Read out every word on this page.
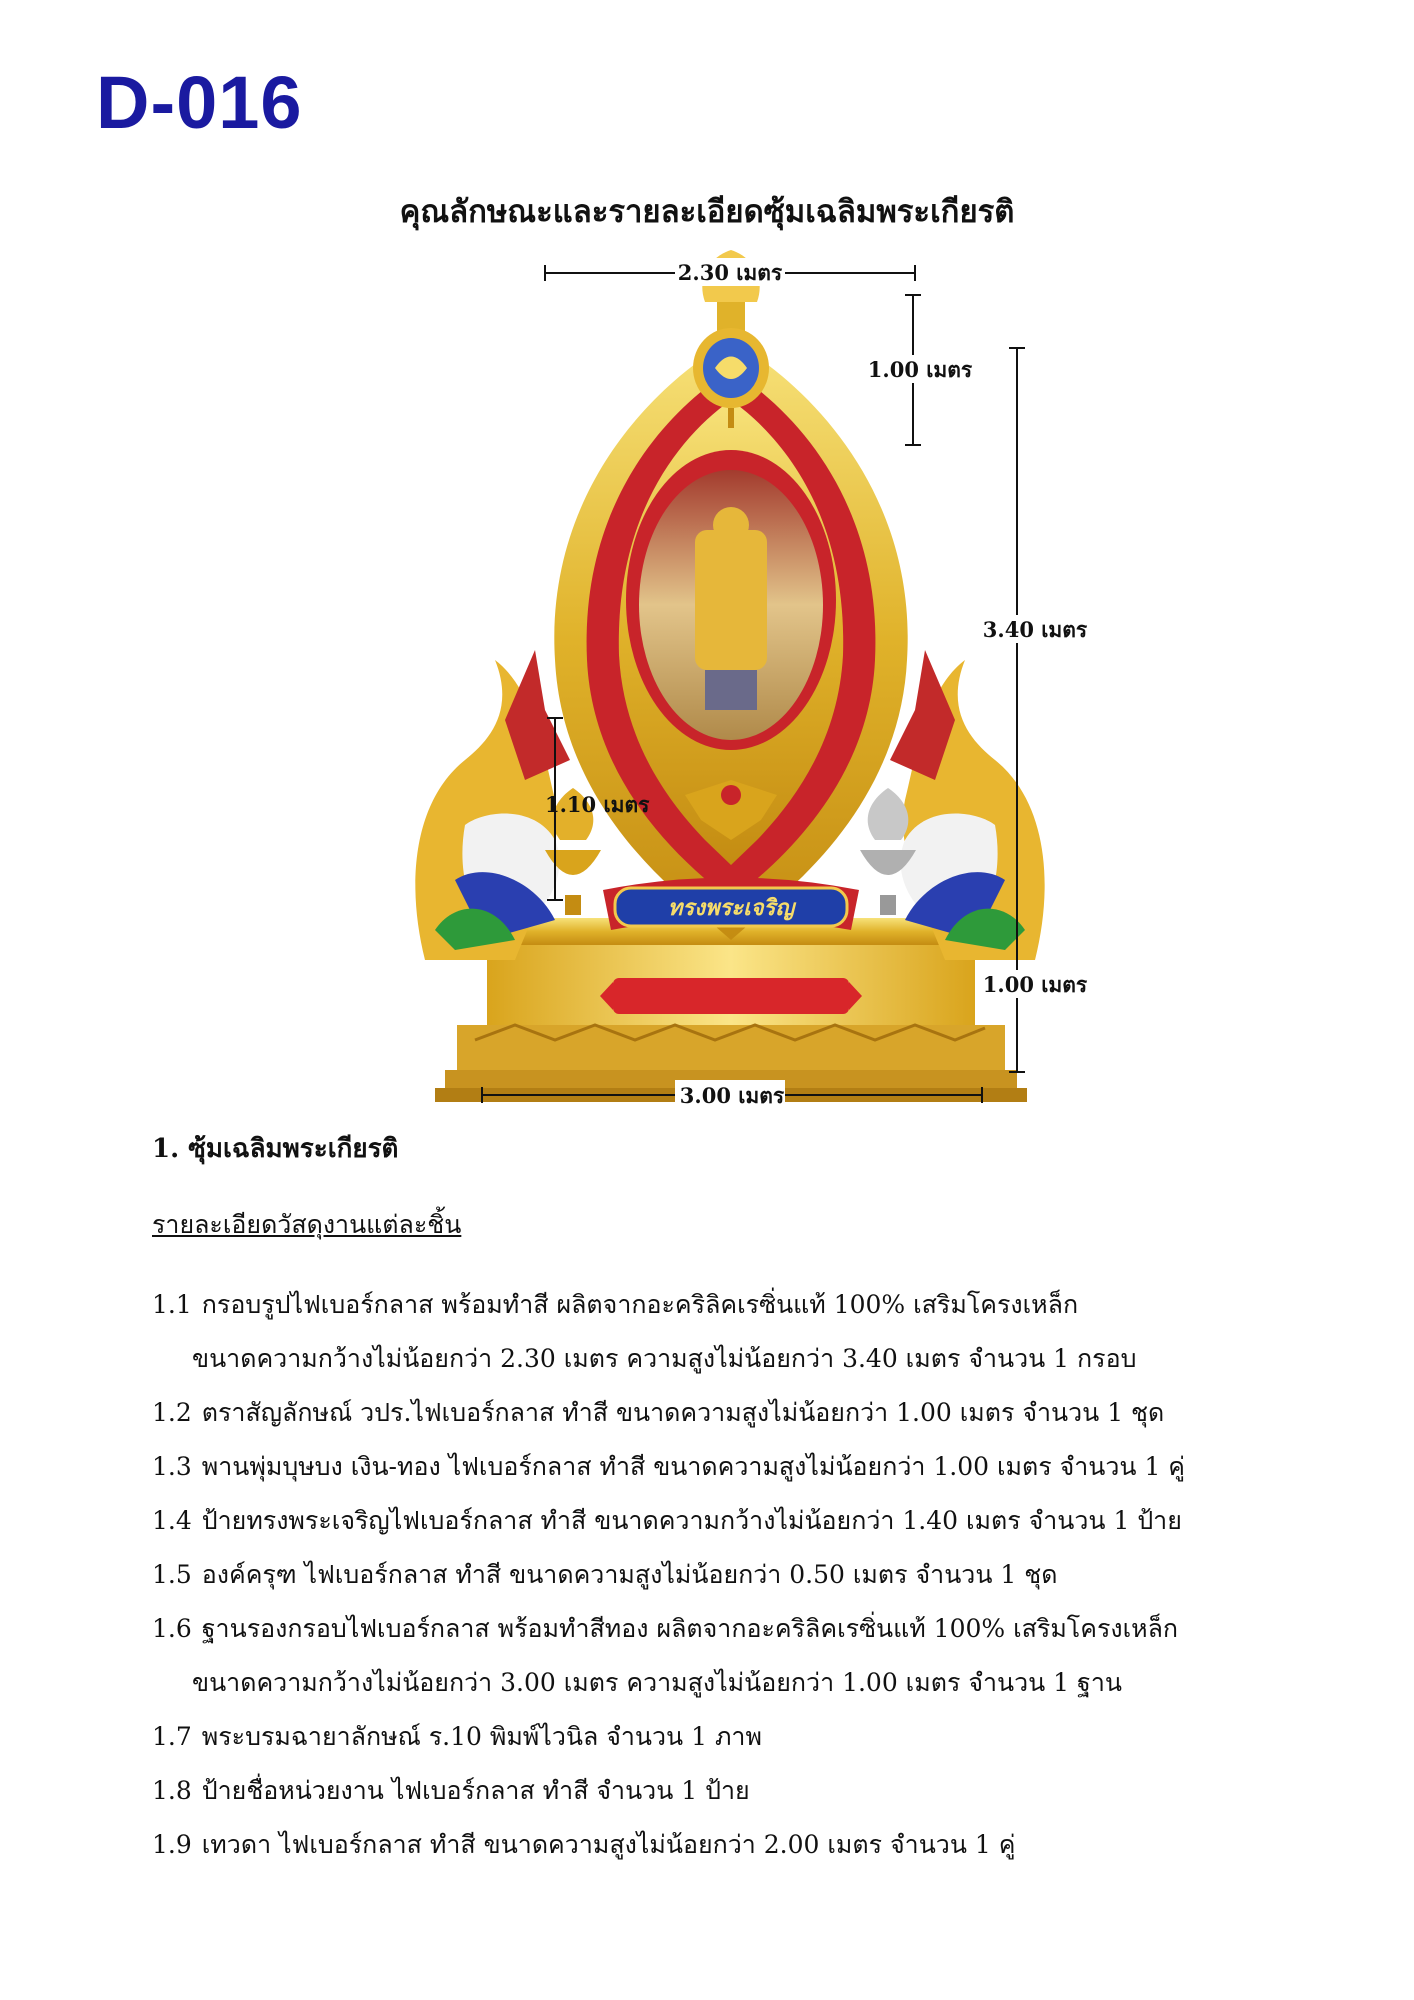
D-016
คุณลักษณะและรายละเอียดซุ้มเฉลิมพระเกียรติ
ทรงพระเจริญ
2.30 เมตร
1.00 เมตร
3.40 เมตร
1.10 เมตร
1.00 เมตร
3.00 เมตร
1. ซุ้มเฉลิมพระเกียรติ
รายละเอียดวัสดุงานแต่ละชิ้น
1.1 กรอบรูปไฟเบอร์กลาส พร้อมทำสี ผลิตจากอะคริลิคเรซิ่นแท้ 100% เสริมโครงเหล็ก
ขนาดความกว้างไม่น้อยกว่า 2.30 เมตร ความสูงไม่น้อยกว่า 3.40 เมตร จำนวน 1 กรอบ
1.2 ตราสัญลักษณ์ วปร.ไฟเบอร์กลาส ทำสี ขนาดความสูงไม่น้อยกว่า 1.00 เมตร จำนวน 1 ชุด
1.3 พานพุ่มบุษบง เงิน-ทอง ไฟเบอร์กลาส ทำสี ขนาดความสูงไม่น้อยกว่า 1.00 เมตร จำนวน 1 คู่
1.4 ป้ายทรงพระเจริญไฟเบอร์กลาส ทำสี ขนาดความกว้างไม่น้อยกว่า 1.40 เมตร จำนวน 1 ป้าย
1.5 องค์ครุฑ ไฟเบอร์กลาส ทำสี ขนาดความสูงไม่น้อยกว่า 0.50 เมตร จำนวน 1 ชุด
1.6 ฐานรองกรอบไฟเบอร์กลาส พร้อมทำสีทอง ผลิตจากอะคริลิคเรซิ่นแท้ 100% เสริมโครงเหล็ก
ขนาดความกว้างไม่น้อยกว่า 3.00 เมตร ความสูงไม่น้อยกว่า 1.00 เมตร จำนวน 1 ฐาน
1.7 พระบรมฉายาลักษณ์ ร.10 พิมพ์ไวนิล จำนวน 1 ภาพ
1.8 ป้ายชื่อหน่วยงาน ไฟเบอร์กลาส ทำสี จำนวน 1 ป้าย
1.9 เทวดา ไฟเบอร์กลาส ทำสี ขนาดความสูงไม่น้อยกว่า 2.00 เมตร จำนวน 1 คู่
